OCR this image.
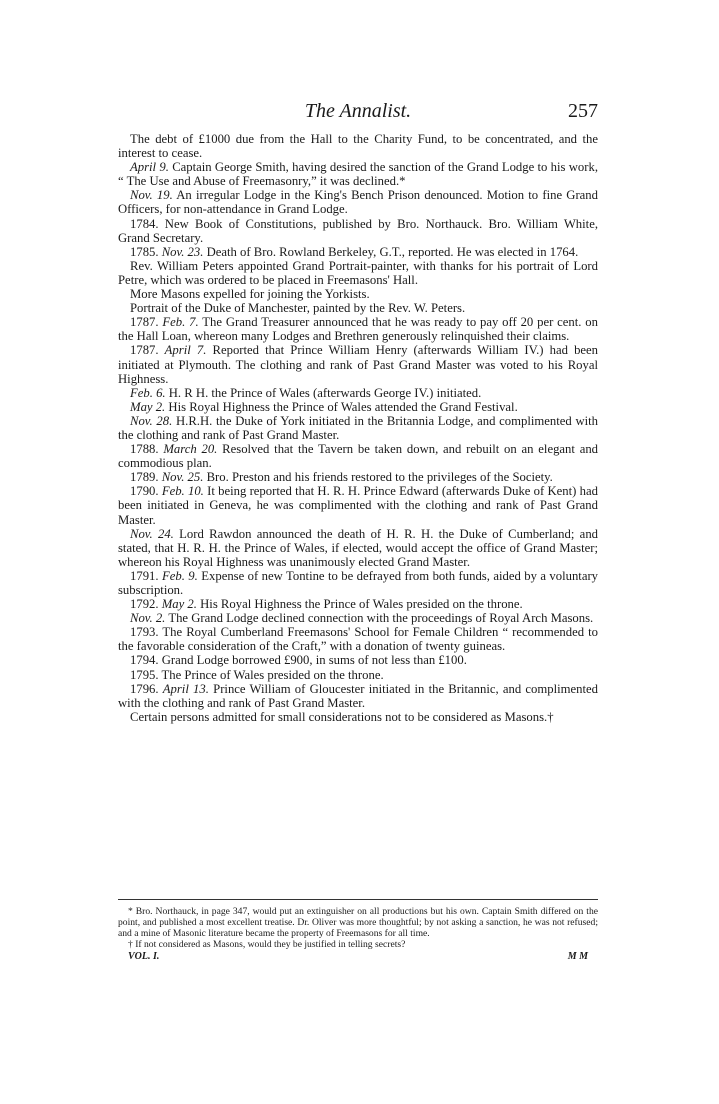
The Annalist.	257

The debt of £1000 due from the Hall to the Charity Fund, to be concentrated, and the interest to cease.

April 9. Captain George Smith, having desired the sanction of the Grand Lodge to his work, “ The Use and Abuse of Freemasonry,” it was declined.*

Nov. 19. An irregular Lodge in the King's Bench Prison denounced. Motion to fine Grand Officers, for non-attendance in Grand Lodge.

1784. New Book of Constitutions, published by Bro. Northauck. Bro. William White, Grand Secretary.

1785. Nov. 23. Death of Bro. Rowland Berkeley, G.T., reported. He was elected in 1764.

Rev. William Peters appointed Grand Portrait-painter, with thanks for his portrait of Lord Petre, which was ordered to be placed in Freemasons' Hall.

More Masons expelled for joining the Yorkists.

Portrait of the Duke of Manchester, painted by the Rev. W. Peters.

1787. Feb. 7. The Grand Treasurer announced that he was ready to pay off 20 per cent. on the Hall Loan, whereon many Lodges and Brethren generously relinquished their claims.

1787. April 7. Reported that Prince William Henry (afterwards William IV.) had been initiated at Plymouth. The clothing and rank of Past Grand Master was voted to his Royal Highness.

Feb. 6. H. R H. the Prince of Wales (afterwards George IV.) initiated.

May 2. His Royal Highness the Prince of Wales attended the Grand Festival.

Nov. 28. H.R.H. the Duke of York initiated in the Britannia Lodge, and complimented with the clothing and rank of Past Grand Master.

1788. March 20. Resolved that the Tavern be taken down, and rebuilt on an elegant and commodious plan.

1789. Nov. 25. Bro. Preston and his friends restored to the privileges of the Society.

1790. Feb. 10. It being reported that H. R. H. Prince Edward (afterwards Duke of Kent) had been initiated in Geneva, he was complimented with the clothing and rank of Past Grand Master.

Nov. 24. Lord Rawdon announced the death of H. R. H. the Duke of Cumberland; and stated, that H. R. H. the Prince of Wales, if elected, would accept the office of Grand Master; whereon his Royal Highness was unanimously elected Grand Master.

1791. Feb. 9. Expense of new Tontine to be defrayed from both funds, aided by a voluntary subscription.

1792. May 2. His Royal Highness the Prince of Wales presided on the throne.

Nov. 2. The Grand Lodge declined connection with the proceedings of Royal Arch Masons.

1793. The Royal Cumberland Freemasons' School for Female Children “ recommended to the favorable consideration of the Craft,” with a donation of twenty guineas.

1794. Grand Lodge borrowed £900, in sums of not less than £100.

1795. The Prince of Wales presided on the throne.

1796. April 13. Prince William of Gloucester initiated in the Britannic, and complimented with the clothing and rank of Past Grand Master.

Certain persons admitted for small considerations not to be considered as Masons.†

* Bro. Northauck, in page 347, would put an extinguisher on all productions but his own. Captain Smith differed on the point, and published a most excellent treatise. Dr. Oliver was more thoughtful; by not asking a sanction, he was not refused; and a mine of Masonic literature became the property of Freemasons for all time.

† If not considered as Masons, would they be justified in telling secrets?

VOL. I.	M M
